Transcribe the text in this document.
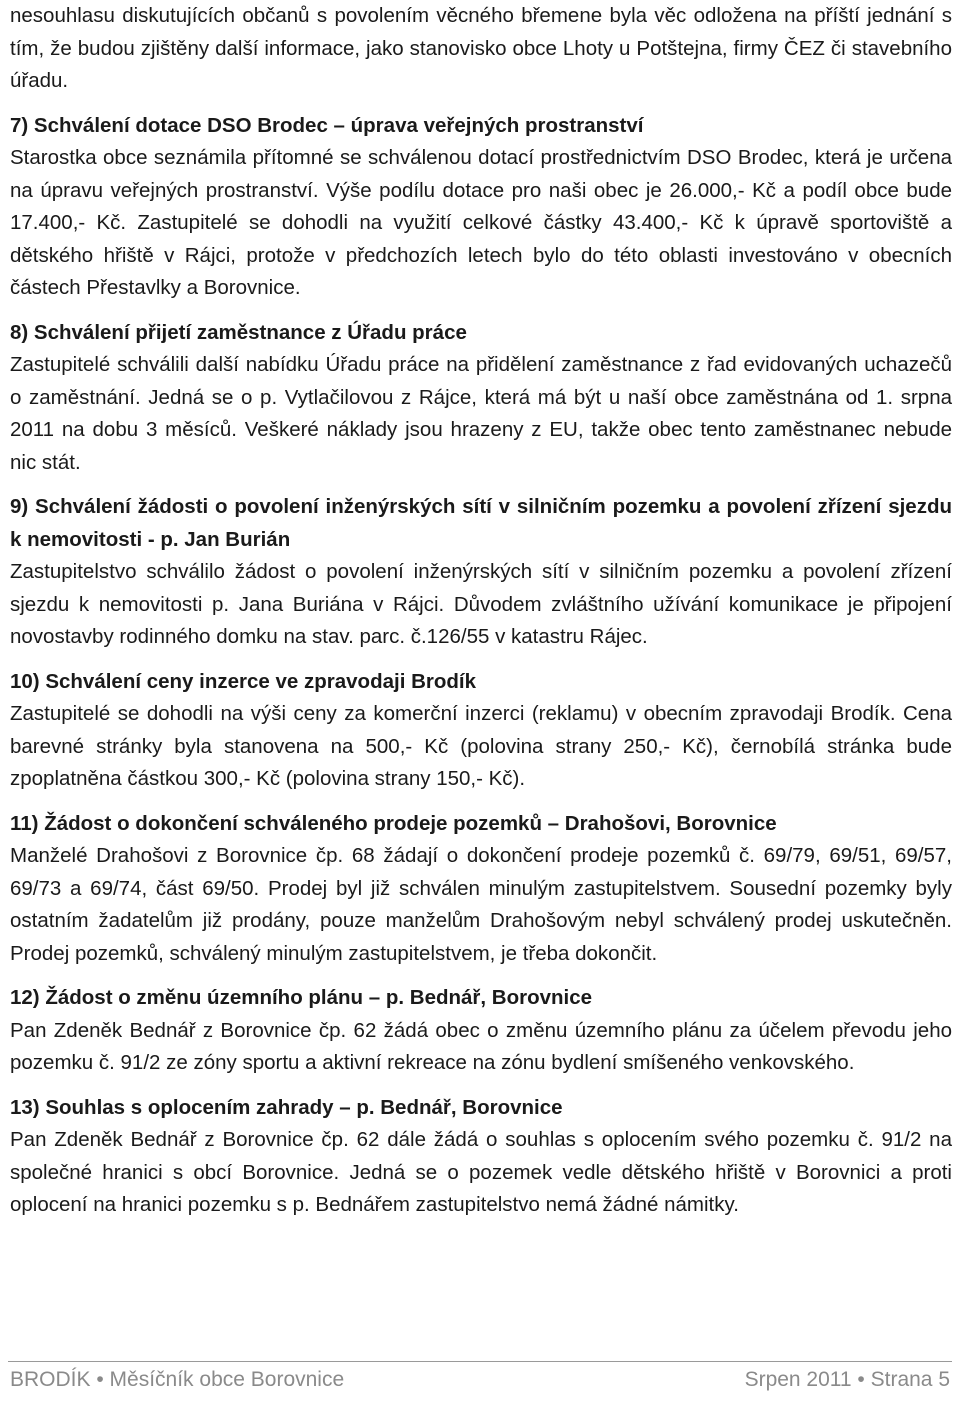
nesouhlasu diskutujících občanů s povolením věcného břemene byla věc odložena na příští jednání s tím, že budou zjištěny další informace, jako stanovisko obce Lhoty u Potštejna, firmy ČEZ či stavebního úřadu.

7) Schválení dotace DSO Brodec – úprava veřejných prostranství

Starostka obce seznámila přítomné se schválenou dotací prostřednictvím DSO Brodec, která je určena na úpravu veřejných prostranství. Výše podílu dotace pro naši obec je 26.000,- Kč a podíl obce bude 17.400,- Kč. Zastupitelé se dohodli na využití celkové částky 43.400,- Kč k úpravě sportoviště a dětského hřiště v Rájci, protože v předchozích letech bylo do této oblasti investováno v obecních částech Přestavlky a Borovnice.

8) Schválení přijetí zaměstnance z Úřadu práce

Zastupitelé schválili další nabídku Úřadu práce na přidělení zaměstnance z řad evidovaných uchazečů o zaměstnání. Jedná se o p. Vytlačilovou z Rájce, která má být u naší obce zaměstnána od 1. srpna 2011 na dobu 3 měsíců. Veškeré náklady jsou hrazeny z EU, takže obec tento zaměstnanec nebude nic stát.

9) Schválení žádosti o povolení inženýrských sítí v silničním pozemku a povolení zřízení sjezdu k nemovitosti - p. Jan Burián

Zastupitelstvo schválilo žádost o povolení inženýrských sítí v silničním pozemku a povolení zřízení sjezdu k nemovitosti p. Jana Buriána v Rájci. Důvodem zvláštního užívání komunikace je připojení novostavby rodinného domku na stav. parc. č.126/55 v katastru Rájec.

10) Schválení ceny inzerce ve zpravodaji Brodík

Zastupitelé se dohodli na výši ceny za komerční inzerci (reklamu) v obecním zpravodaji Brodík. Cena barevné stránky byla stanovena na 500,- Kč (polovina strany 250,- Kč), černobílá stránka bude zpoplatněna částkou 300,- Kč (polovina strany 150,- Kč).

11) Žádost o dokončení schváleného prodeje pozemků – Drahošovi, Borovnice

Manželé Drahošovi z Borovnice čp. 68 žádají o dokončení prodeje pozemků č. 69/79, 69/51, 69/57, 69/73 a 69/74, část 69/50. Prodej byl již schválen minulým zastupitelstvem. Sousední pozemky byly ostatním žadatelům již prodány, pouze manželům Drahošovým nebyl schválený prodej uskutečněn. Prodej pozemků, schválený minulým zastupitelstvem, je třeba dokončit.

12) Žádost o změnu územního plánu – p. Bednář, Borovnice

Pan Zdeněk Bednář z Borovnice čp. 62 žádá obec o změnu územního plánu za účelem převodu jeho pozemku č. 91/2 ze zóny sportu a aktivní rekreace na zónu bydlení smíšeného venkovského.

13) Souhlas s oplocením zahrady – p. Bednář, Borovnice

Pan Zdeněk Bednář z Borovnice čp. 62 dále žádá o souhlas s oplocením svého pozemku č. 91/2 na společné hranici s obcí Borovnice. Jedná se o pozemek vedle dětského hřiště v Borovnici a proti oplocení na hranici pozemku s p. Bednářem zastupitelstvo nemá žádné námitky.

BRODÍK • Měsíčník obce Borovnice	Srpen 2011 • Strana 5
